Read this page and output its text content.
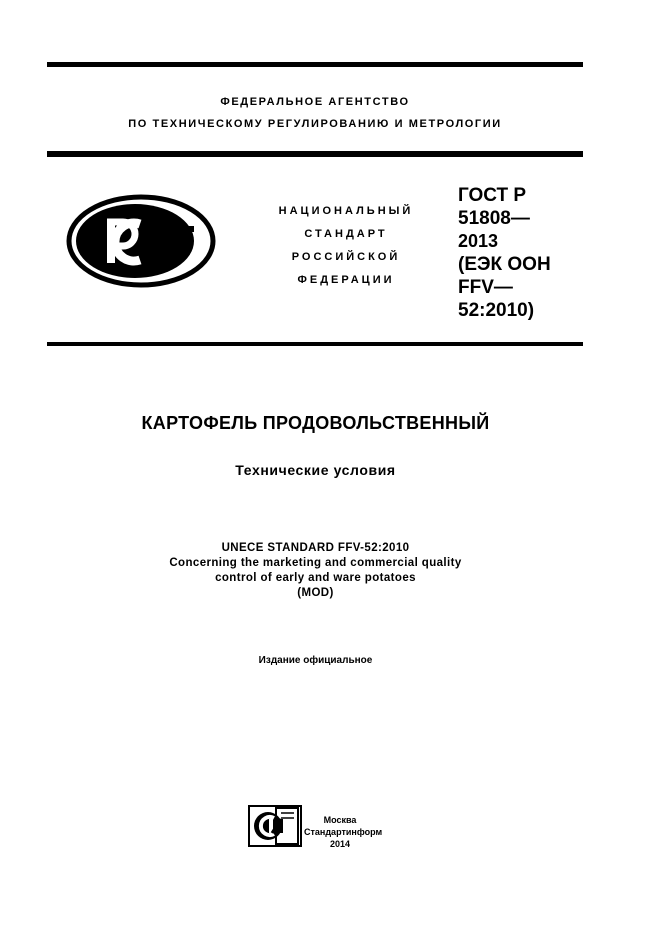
ФЕДЕРАЛЬНОЕ АГЕНТСТВО
ПО ТЕХНИЧЕСКОМУ РЕГУЛИРОВАНИЮ И МЕТРОЛОГИИ
НАЦИОНАЛЬНЫЙ
СТАНДАРТ
РОССИЙСКОЙ
ФЕДЕРАЦИИ
ГОСТ Р
51808—
2013
(ЕЭК ООН
FFV—
52:2010)
КАРТОФЕЛЬ ПРОДОВОЛЬСТВЕННЫЙ
Технические условия
UNECE STANDARD FFV-52:2010
Concerning the marketing and commercial quality
control of early and ware potatoes
(MOD)
Издание официальное
Москва
Стандартинформ
2014
